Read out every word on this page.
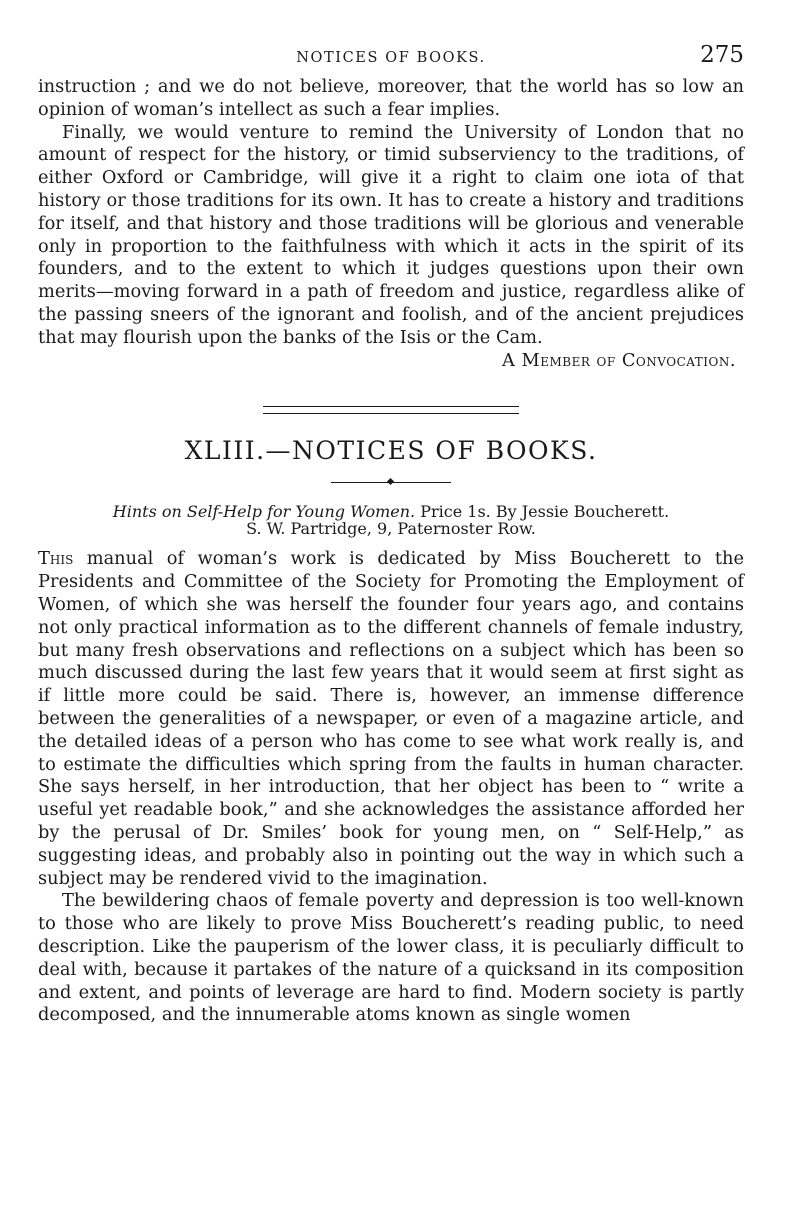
NOTICES OF BOOKS.	275

instruction ; and we do not believe, moreover, that the world has so low an opinion of woman’s intellect as such a fear implies.

Finally, we would venture to remind the University of London that no amount of respect for the history, or timid subserviency to the traditions, of either Oxford or Cambridge, will give it a right to claim one iota of that history or those traditions for its own. It has to create a history and traditions for itself, and that history and those traditions will be glorious and venerable only in proportion to the faithfulness with which it acts in the spirit of its founders, and to the extent to which it judges questions upon their own merits—moving forward in a path of freedom and justice, regardless alike of the passing sneers of the ignorant and foolish, and of the ancient prejudices that may flourish upon the banks of the Isis or the Cam.

A Member of Convocation.
XLIII.—NOTICES OF BOOKS.
Hints on Self-Help for Young Women. Price 1s. By Jessie Boucherett.
S. W. Partridge, 9, Paternoster Row.

This manual of woman’s work is dedicated by Miss Boucherett to the Presidents and Committee of the Society for Promoting the Employment of Women, of which she was herself the founder four years ago, and contains not only practical information as to the different channels of female industry, but many fresh observations and reflections on a subject which has been so much discussed during the last few years that it would seem at first sight as if little more could be said. There is, however, an immense difference between the generalities of a newspaper, or even of a magazine article, and the detailed ideas of a person who has come to see what work really is, and to estimate the difficulties which spring from the faults in human character. She says herself, in her introduction, that her object has been to “ write a useful yet readable book,” and she acknowledges the assistance afforded her by the perusal of Dr. Smiles’ book for young men, on “ Self-Help,” as suggesting ideas, and probably also in pointing out the way in which such a subject may be rendered vivid to the imagination.

The bewildering chaos of female poverty and depression is too well-known to those who are likely to prove Miss Boucherett’s reading public, to need description. Like the pauperism of the lower class, it is peculiarly difficult to deal with, because it partakes of the nature of a quicksand in its composition and extent, and points of leverage are hard to find. Modern society is partly decomposed, and the innumerable atoms known as single women
